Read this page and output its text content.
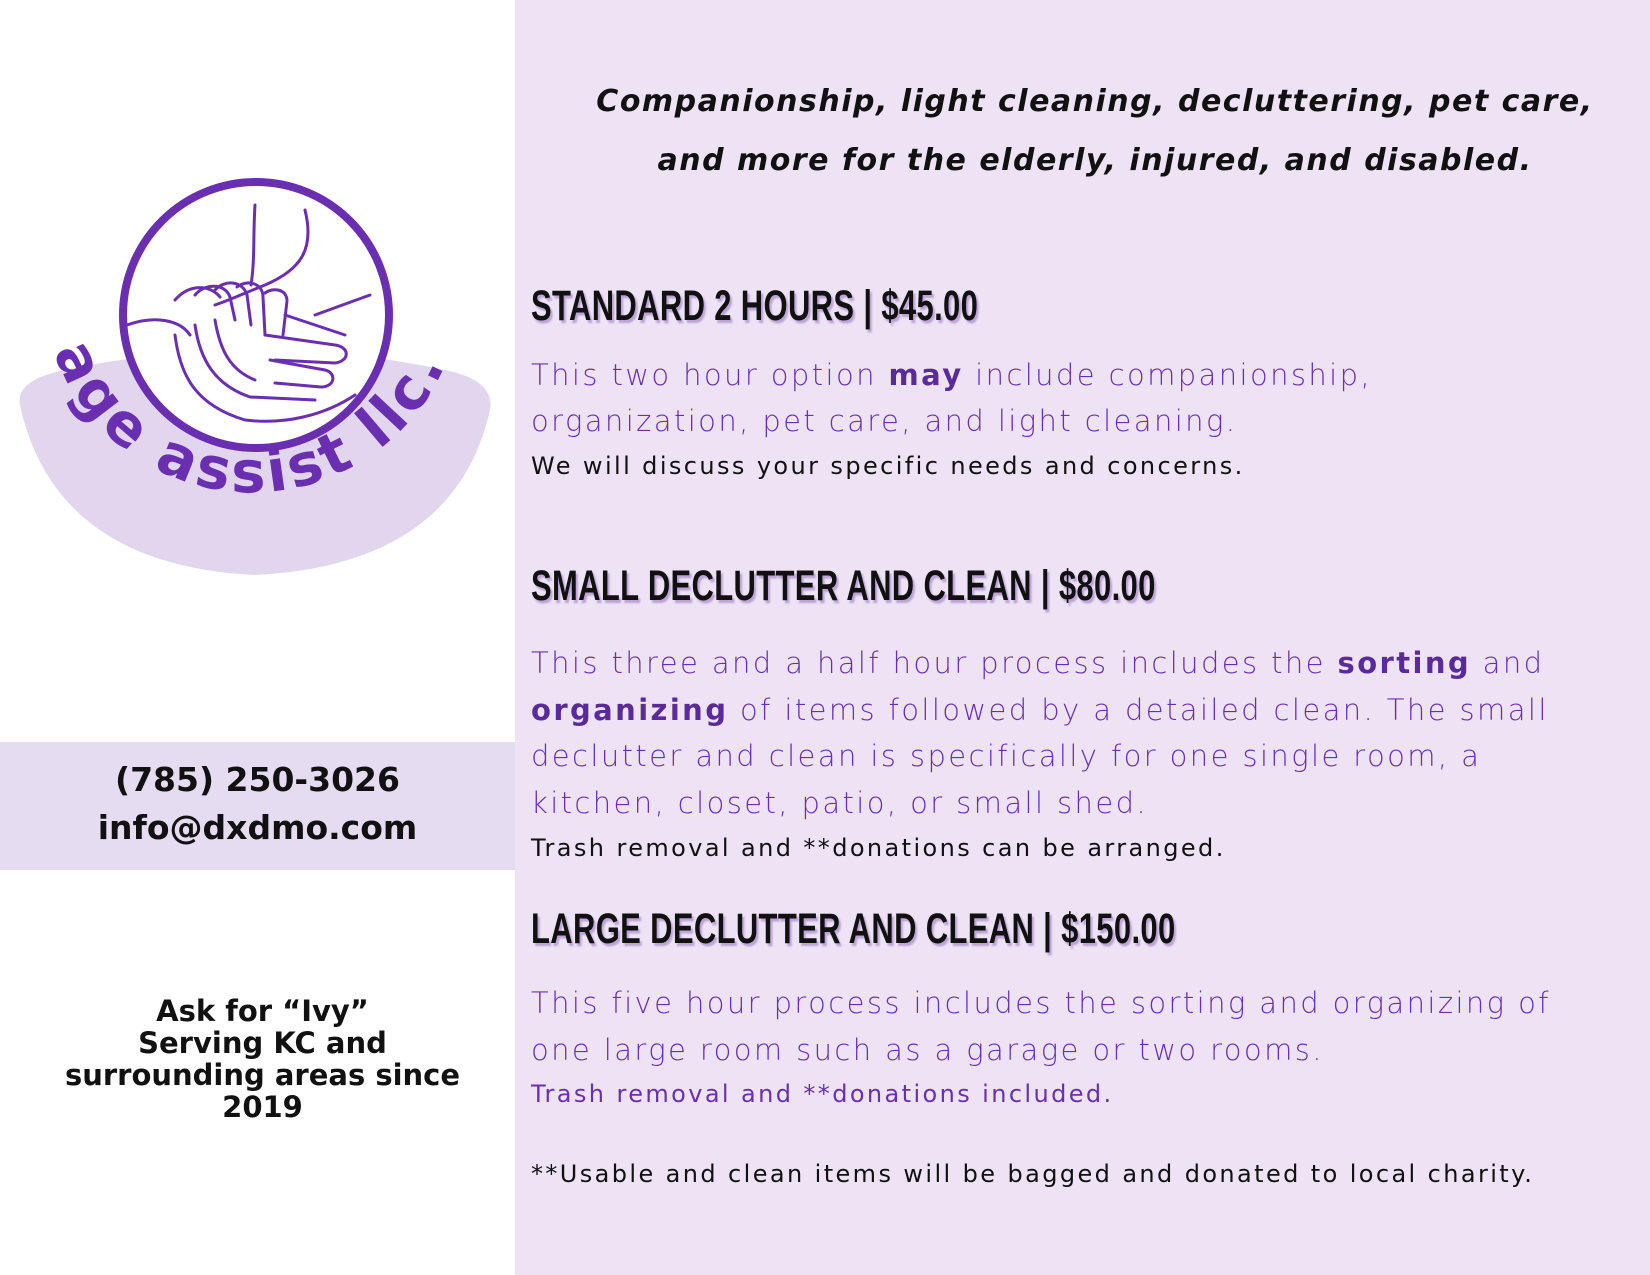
age assist llc.
(785) 250-3026
info@dxdmo.com
Ask for “Ivy”
Serving KC and
surrounding areas since
2019
Companionship, light cleaning, decluttering, pet care,
and more for the elderly, injured, and disabled.
STANDARD 2 HOURS | $45.00
This two hour option may include companionship,
organization, pet care, and light cleaning.
We will discuss your specific needs and concerns.
SMALL DECLUTTER AND CLEAN | $80.00
This three and a half hour process includes the sorting and
organizing of items followed by a detailed clean. The small
declutter and clean is specifically for one single room, a
kitchen, closet, patio, or small shed.
Trash removal and **donations can be arranged.
LARGE DECLUTTER AND CLEAN | $150.00
This five hour process includes the sorting and organizing of
one large room such as a garage or two rooms.
Trash removal and **donations included.
**Usable and clean items will be bagged and donated to local charity.
